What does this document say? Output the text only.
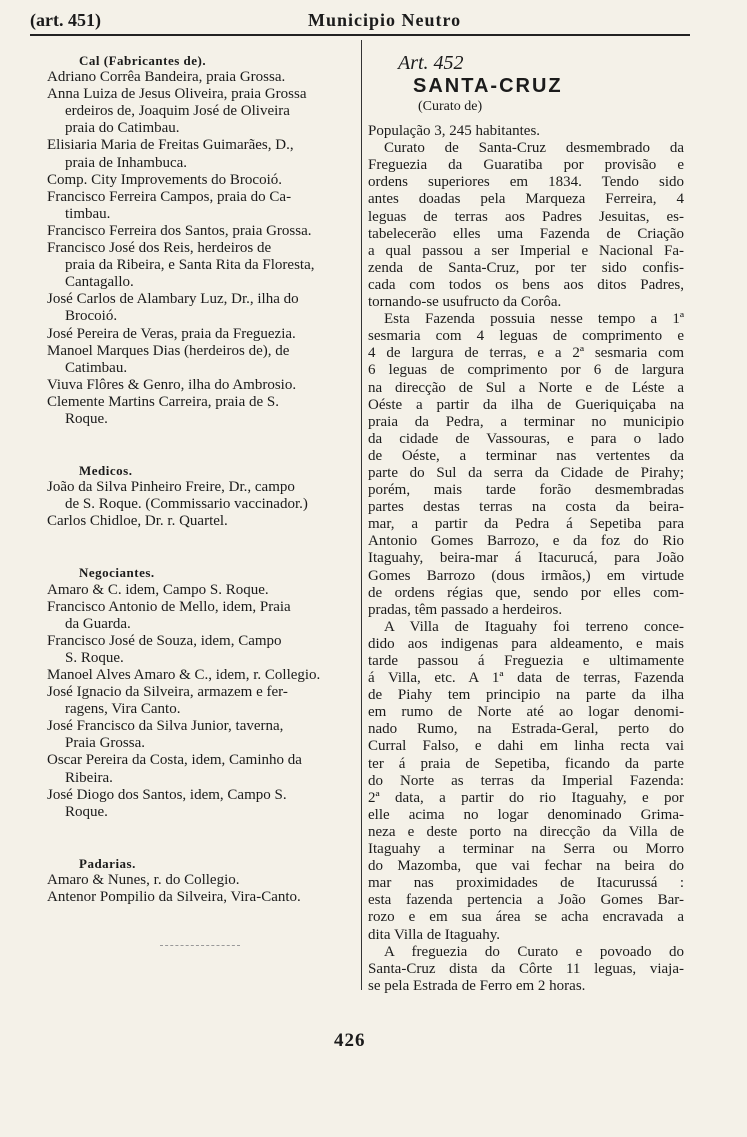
(art. 451)	Municipio Neutro
Cal (Fabricantes de).
Adriano Corrêa Bandeira, praia Grossa.
Anna Luiza de Jesus Oliveira, praia Grossa
erdeiros de, Joaquim José de Oliveira
praia do Catimbau.
Elisiaria Maria de Freitas Guimarães, D.,
praia de Inhambuca.
Comp. City Improvements do Brocoió.
Francisco Ferreira Campos, praia do Ca-
timbau.
Francisco Ferreira dos Santos, praia Grossa.
Francisco José dos Reis, herdeiros de
praia da Ribeira, e Santa Rita da Floresta,
Cantagallo.
José Carlos de Alambary Luz, Dr., ilha do
Brocoió.
José Pereira de Veras, praia da Freguezia.
Manoel Marques Dias (herdeiros de), de
Catimbau.
Viuva Flôres & Genro, ilha do Ambrosio.
Clemente Martins Carreira, praia de S.
Roque.
Medicos.
João da Silva Pinheiro Freire, Dr., campo
de S. Roque. (Commissario vaccinador.)
Carlos Chidloe, Dr. r. Quartel.
Negociantes.
Amaro & C. idem, Campo S. Roque.
Francisco Antonio de Mello, idem, Praia
da Guarda.
Francisco José de Souza, idem, Campo
S. Roque.
Manoel Alves Amaro & C., idem, r. Collegio.
José Ignacio da Silveira, armazem e fer-
ragens, Vira Canto.
José Francisco da Silva Junior, taverna,
Praia Grossa.
Oscar Pereira da Costa, idem, Caminho da
Ribeira.
José Diogo dos Santos, idem, Campo S.
Roque.
Padarias.
Amaro & Nunes, r. do Collegio.
Antenor Pompilio da Silveira, Vira-Canto.
Art. 452
SANTA-CRUZ
(Curato de)
População 3, 245 habitantes.
Curato de Santa-Cruz desmembrado da
Freguezia da Guaratiba por provisão e
ordens superiores em 1834. Tendo sido
antes doadas pela Marqueza Ferreira, 4
leguas de terras aos Padres Jesuitas, es-
tabelecerão elles uma Fazenda de Criação
a qual passou a ser Imperial e Nacional Fa-
zenda de Santa-Cruz, por ter sido confis-
cada com todos os bens aos ditos Padres,
tornando-se usufructo da Corôa.
Esta Fazenda possuia nesse tempo a 1ª
sesmaria com 4 leguas de comprimento e
4 de largura de terras, e a 2ª sesmaria com
6 leguas de comprimento por 6 de largura
na direcção de Sul a Norte e de Léste a
Oéste a partir da ilha de Gueriquiçaba na
praia da Pedra, a terminar no municipio
da cidade de Vassouras, e para o lado
de Oéste, a terminar nas vertentes da
parte do Sul da serra da Cidade de Pirahy;
porém, mais tarde forão desmembradas
partes destas terras na costa da beira-
mar, a partir da Pedra á Sepetiba para
Antonio Gomes Barrozo, e da foz do Rio
Itaguahy, beira-mar á Itacurucá, para João
Gomes Barrozo (dous irmãos,) em virtude
de ordens régias que, sendo por elles com-
pradas, têm passado a herdeiros.
A Villa de Itaguahy foi terreno conce-
dido aos indigenas para aldeamento, e mais
tarde passou á Freguezia e ultimamente
á Villa, etc. A 1ª data de terras, Fazenda
de Piahy tem principio na parte da ilha
em rumo de Norte até ao logar denomi-
nado Rumo, na Estrada-Geral, perto do
Curral Falso, e dahi em linha recta vai
ter á praia de Sepetiba, ficando da parte
do Norte as terras da Imperial Fazenda:
2ª data, a partir do rio Itaguahy, e por
elle acima no logar denominado Grima-
neza e deste porto na direcção da Villa de
Itaguahy a terminar na Serra ou Morro
do Mazomba, que vai fechar na beira do
mar nas proximidades de Itacurussá :
esta fazenda pertencia a João Gomes Bar-
rozo e em sua área se acha encravada a
dita Villa de Itaguahy.
A freguezia do Curato e povoado do
Santa-Cruz dista da Côrte 11 leguas, viaja-
se pela Estrada de Ferro em 2 horas.
426
